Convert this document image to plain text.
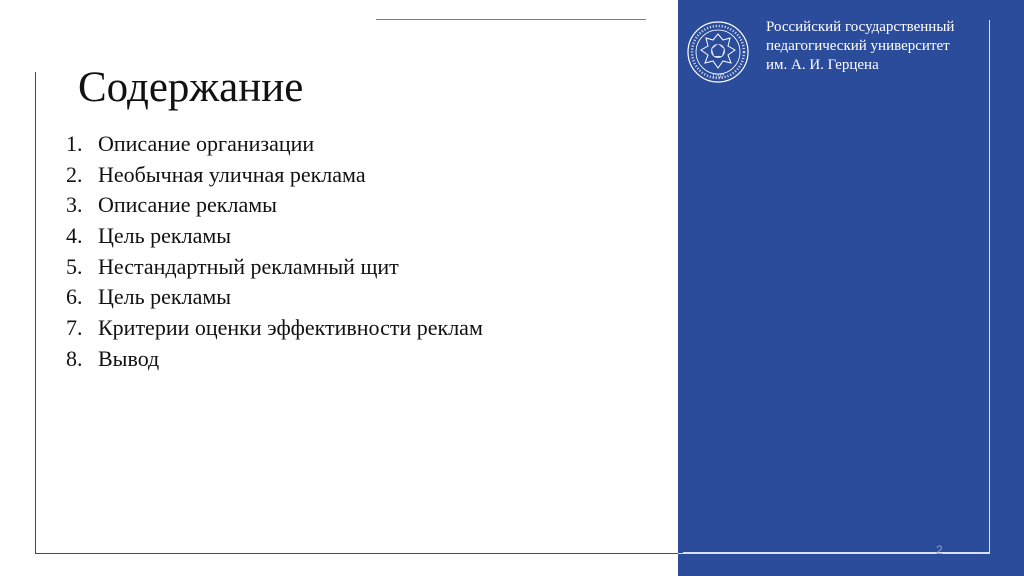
1797
Российский государственный
педагогический университет
им. А. И. Герцена
Содержание
1. Описание организации
2. Необычная уличная реклама
3. Описание рекламы
4. Цель рекламы
5. Нестандартный рекламный щит
6. Цель рекламы
7. Критерии оценки эффективности реклам
8. Вывод
2
